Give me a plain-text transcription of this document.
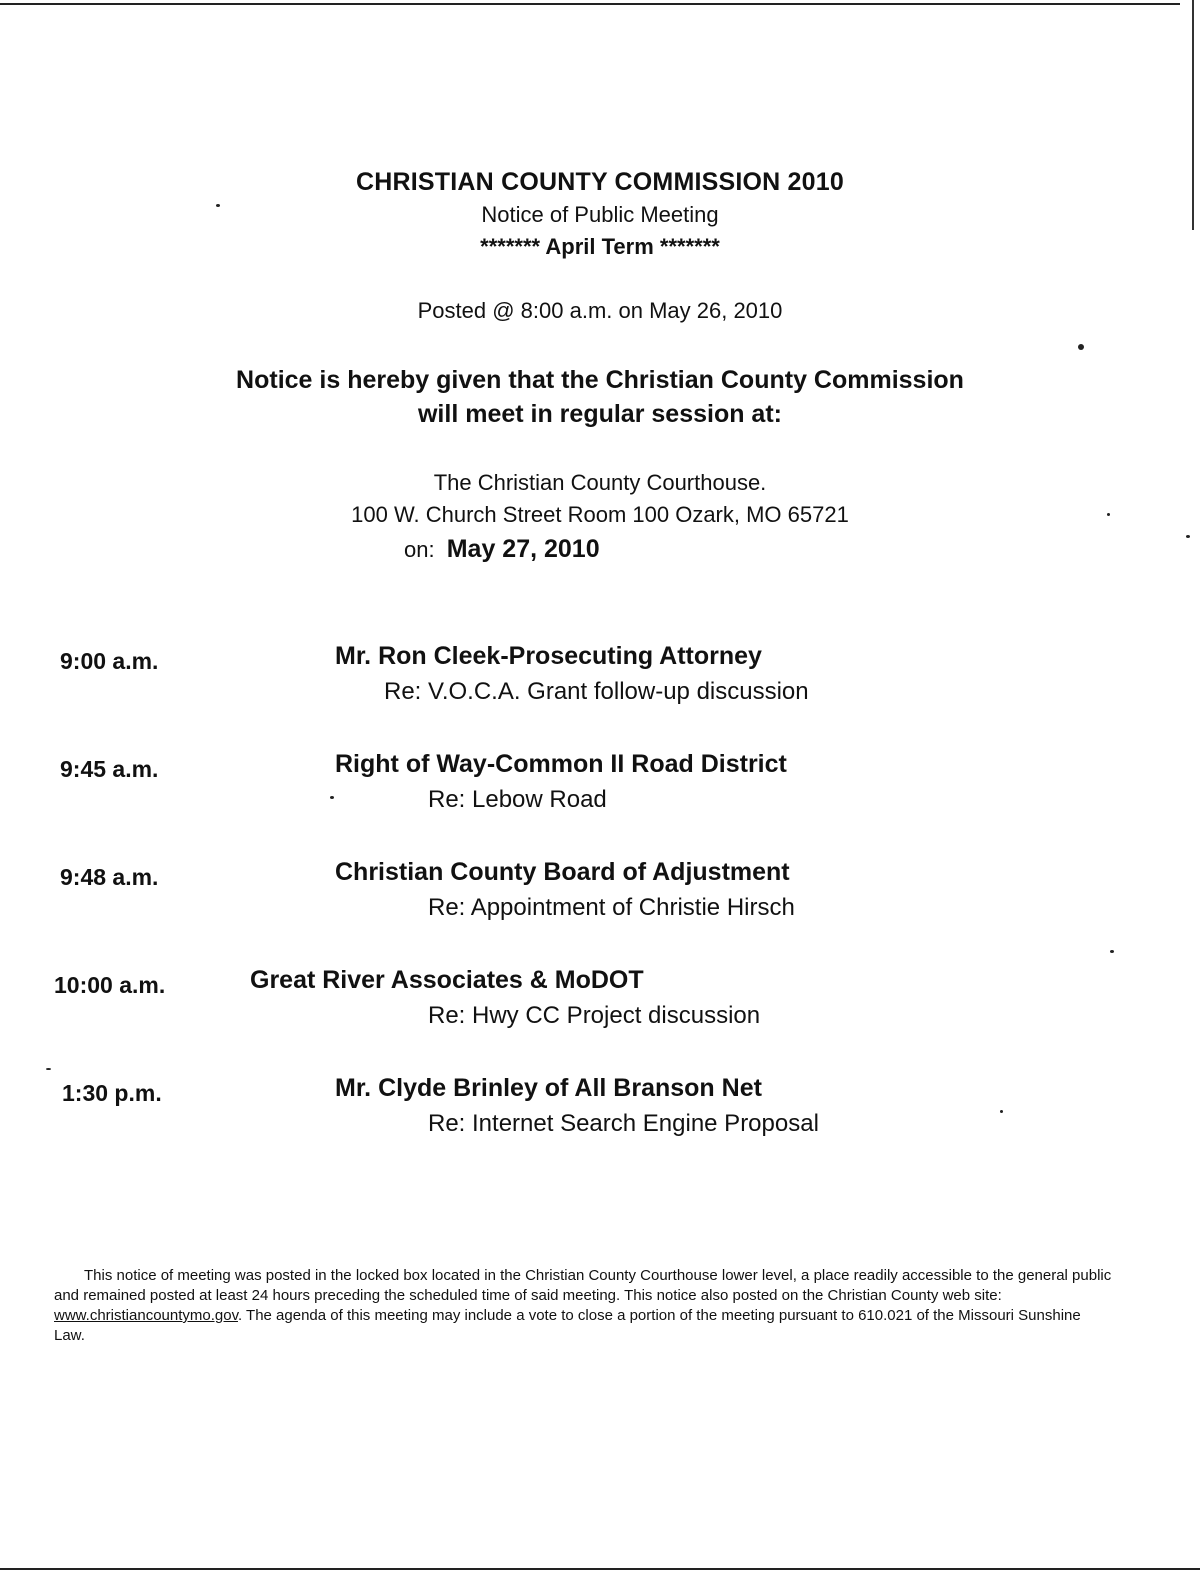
CHRISTIAN COUNTY COMMISSION 2010
Notice of Public Meeting
******* April Term *******
Posted @ 8:00 a.m. on May 26, 2010
Notice is hereby given that the Christian County Commission
will meet in regular session at:
The Christian County Courthouse.
100 W. Church Street Room 100 Ozark, MO 65721
on: May 27, 2010
9:00 a.m.	Mr. Ron Cleek-Prosecuting Attorney
Re: V.O.C.A. Grant follow-up discussion
9:45 a.m.	Right of Way-Common II Road District
Re: Lebow Road
9:48 a.m.	Christian County Board of Adjustment
Re: Appointment of Christie Hirsch
10:00 a.m.	Great River Associates & MoDOT
Re: Hwy CC Project discussion
1:30 p.m.	Mr. Clyde Brinley of All Branson Net
Re: Internet Search Engine Proposal
This notice of meeting was posted in the locked box located in the Christian County Courthouse lower level, a place readily accessible to the general public and remained posted at least 24 hours preceding the scheduled time of said meeting. This notice also posted on the Christian County web site: www.christiancountymo.gov. The agenda of this meeting may include a vote to close a portion of the meeting pursuant to 610.021 of the Missouri Sunshine Law.
